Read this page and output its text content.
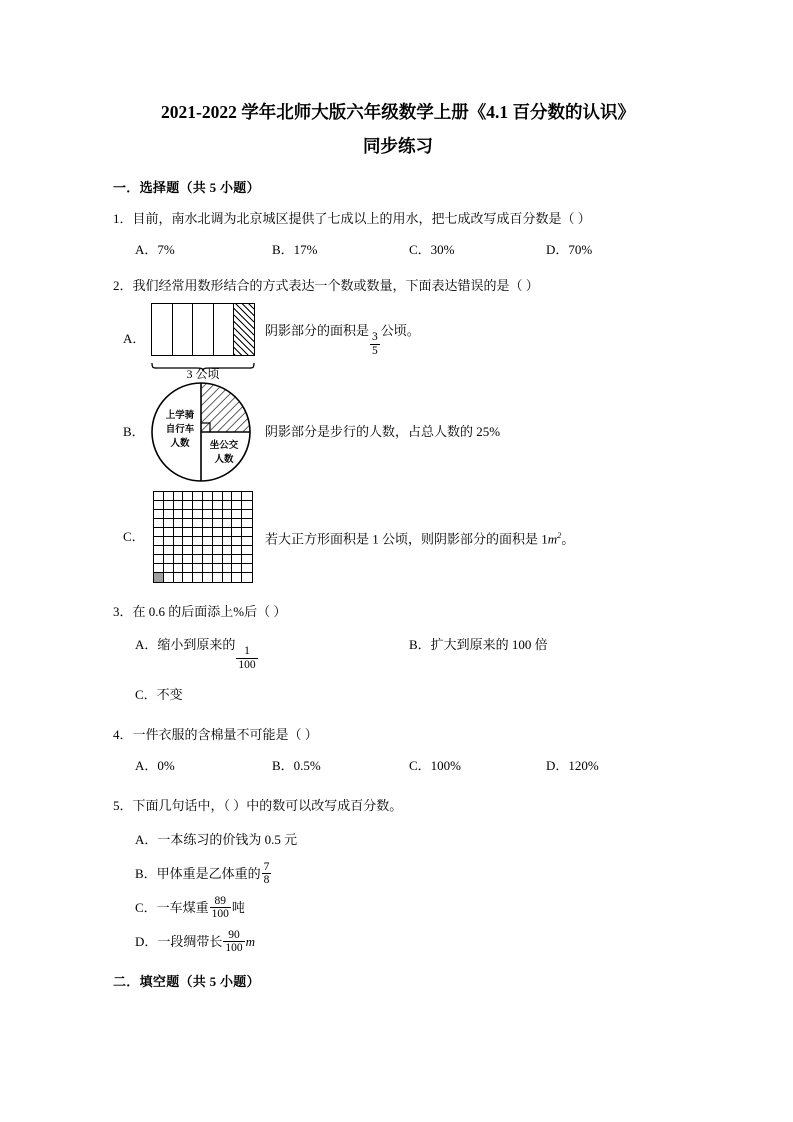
2021-2022 学年北师大版六年级数学上册《4.1 百分数的认识》
同步练习
一．选择题（共 5 小题）
1．目前，南水北调为北京城区提供了七成以上的用水，把七成改写成百分数是（ ）
A．7%	B．17%	C．30%	D．70%
2．我们经常用数形结合的方式表达一个数或数量，下面表达错误的是（ ）
A．
3 公顷
阴影部分的面积是
$\frac{3}{5}$
公顷。
B．
上学骑
自行车
人数	坐公交
人数
阴影部分是步行的人数，占总人数的 25%
C．	若大正方形面积是 1 公顷，则阴影部分的面积是 $1m^2$。
3．在 0.6 的后面添上%后（ ）
A．缩小到原来的
$\frac{1}{100}$
B．扩大到原来的 100 倍
C．不变
4．一件衣服的含棉量不可能是（ ）
A．0%	B．0.5%	C．100%	D．120%
5．下面几句话中，（ ）中的数可以改写成百分数。
A．一本练习的价钱为 0.5 元
B．甲体重是乙体重的 $\frac{7}{8}$
C．一车煤重 $\frac{89}{100}$ 吨
D．一段绸带长 $\frac{90}{100}$ m
二．填空题（共 5 小题）
